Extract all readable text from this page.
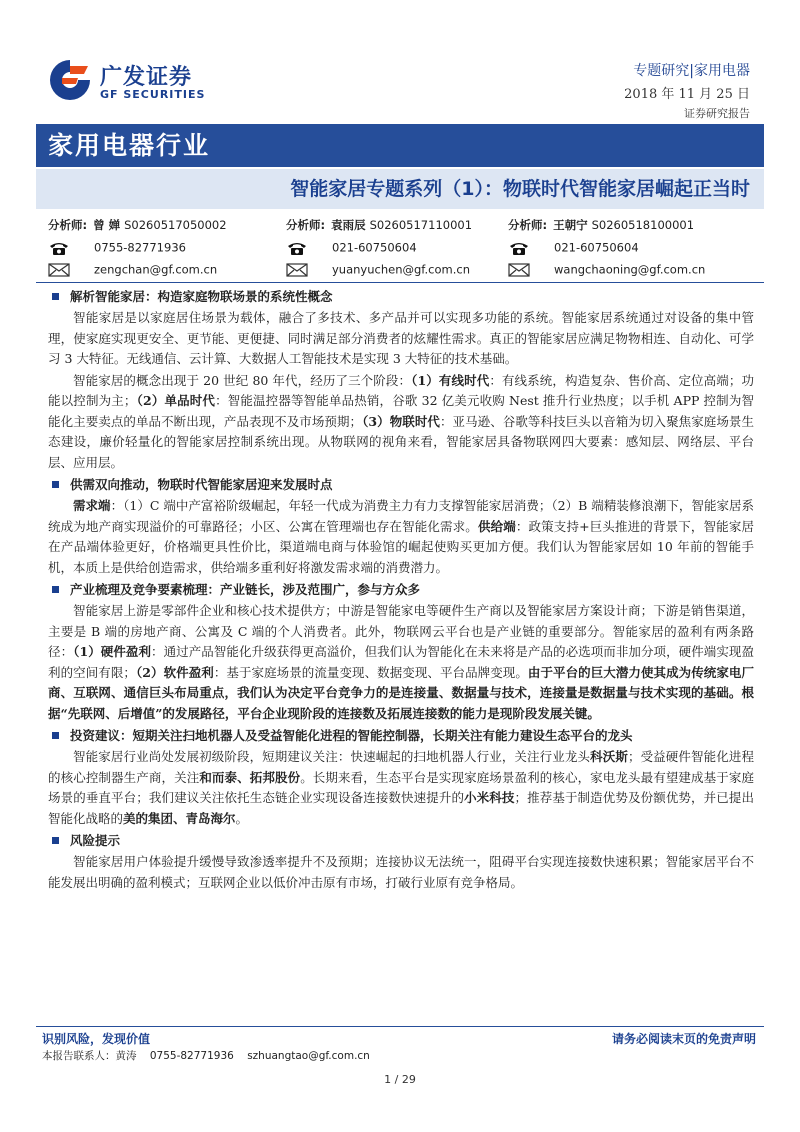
广发证券
GF SECURITIES
专题研究|家用电器
2018 年 11 月 25 日
证券研究报告
家用电器行业
智能家居专题系列（1）：物联时代智能家居崛起正当时
分析师: 曾 婵 S0260517050002
0755-82771936
zengchan@gf.com.cn
分析师: 袁雨辰 S0260517110001
021-60750604
yuanyuchen@gf.com.cn
分析师: 王朝宁 S0260518100001
021-60750604
wangchaoning@gf.com.cn
解析智能家居：构造家庭物联场景的系统性概念

智能家居是以家庭居住场景为载体，融合了多技术、多产品并可以实现多功能的系统。智能家居系统通过对设备的集中管理，使家庭实现更安全、更节能、更便捷、同时满足部分消费者的炫耀性需求。真正的智能家居应满足物物相连、自动化、可学习 3 大特征。无线通信、云计算、大数据人工智能技术是实现 3 大特征的技术基础。

智能家居的概念出现于 20 世纪 80 年代，经历了三个阶段：（1）有线时代：有线系统，构造复杂、售价高、定位高端；功能以控制为主；（2）单品时代：智能温控器等智能单品热销，谷歌 32 亿美元收购 Nest 推升行业热度；以手机 APP 控制为智能化主要卖点的单品不断出现，产品表现不及市场预期；（3）物联时代：亚马逊、谷歌等科技巨头以音箱为切入聚焦家庭场景生态建设，廉价轻量化的智能家居控制系统出现。从物联网的视角来看，智能家居具备物联网四大要素：感知层、网络层、平台层、应用层。

供需双向推动，物联时代智能家居迎来发展时点

需求端：（1）C 端中产富裕阶级崛起，年轻一代成为消费主力有力支撑智能家居消费；（2）B 端精装修浪潮下，智能家居系统成为地产商实现溢价的可靠路径；小区、公寓在管理端也存在智能化需求。供给端：政策支持+巨头推进的背景下，智能家居在产品端体验更好，价格端更具性价比，渠道端电商与体验馆的崛起使购买更加方便。我们认为智能家居如 10 年前的智能手机，本质上是供给创造需求，供给端多重利好将激发需求端的消费潜力。

产业梳理及竞争要素梳理：产业链长，涉及范围广，参与方众多

智能家居上游是零部件企业和核心技术提供方；中游是智能家电等硬件生产商以及智能家居方案设计商；下游是销售渠道，主要是 B 端的房地产商、公寓及 C 端的个人消费者。此外，物联网云平台也是产业链的重要部分。智能家居的盈利有两条路径：（1）硬件盈利：通过产品智能化升级获得更高溢价，但我们认为智能化在未来将是产品的必选项而非加分项，硬件端实现盈利的空间有限；（2）软件盈利：基于家庭场景的流量变现、数据变现、平台品牌变现。由于平台的巨大潜力使其成为传统家电厂商、互联网、通信巨头布局重点，我们认为决定平台竞争力的是连接量、数据量与技术，连接量是数据量与技术实现的基础。根据“先联网、后增值”的发展路径，平台企业现阶段的连接数及拓展连接数的能力是现阶段发展关键。

投资建议：短期关注扫地机器人及受益智能化进程的智能控制器，长期关注有能力建设生态平台的龙头

智能家居行业尚处发展初级阶段，短期建议关注：快速崛起的扫地机器人行业，关注行业龙头科沃斯；受益硬件智能化进程的核心控制器生产商，关注和而泰、拓邦股份。长期来看，生态平台是实现家庭场景盈利的核心，家电龙头最有望建成基于家庭场景的垂直平台；我们建议关注依托生态链企业实现设备连接数快速提升的小米科技；推荐基于制造优势及份额优势，并已提出智能化战略的美的集团、青岛海尔。

风险提示

智能家居用户体验提升缓慢导致渗透率提升不及预期；连接协议无法统一，阻碍平台实现连接数快速积累；智能家居平台不能发展出明确的盈利模式；互联网企业以低价冲击原有市场，打破行业原有竞争格局。

识别风险，发现价值	请务必阅读末页的免责声明
本报告联系人：黄涛 0755-82771936 szhuangtao@gf.com.cn
1 / 29
